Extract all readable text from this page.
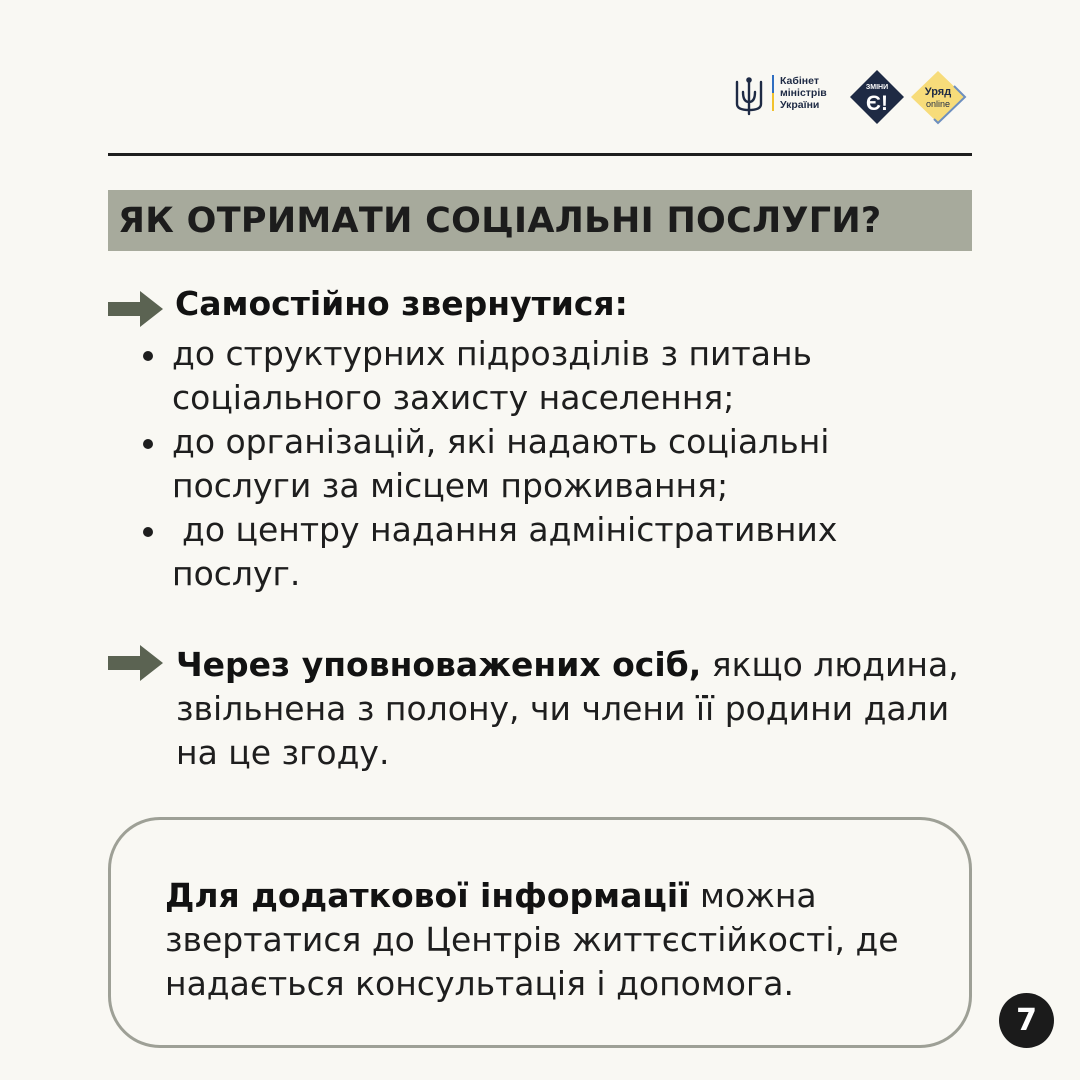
Кабінет
міністрів
України
ЗМІНИ
Є!	Уряд
online
ЯК ОТРИМАТИ СОЦІАЛЬНІ ПОСЛУГИ?
Самостійно звернутися:
до структурних підрозділів з питань соціального захисту населення;
до організацій, які надають соціальні послуги за місцем проживання;
до центру надання адміністративних послуг.
Через уповноважених осіб, якщо людина, звільнена з полону, чи члени її родини дали на це згоду.
Для додаткової інформації можна звертатися до Центрів життєстійкості, де надається консультація і допомога.
7
